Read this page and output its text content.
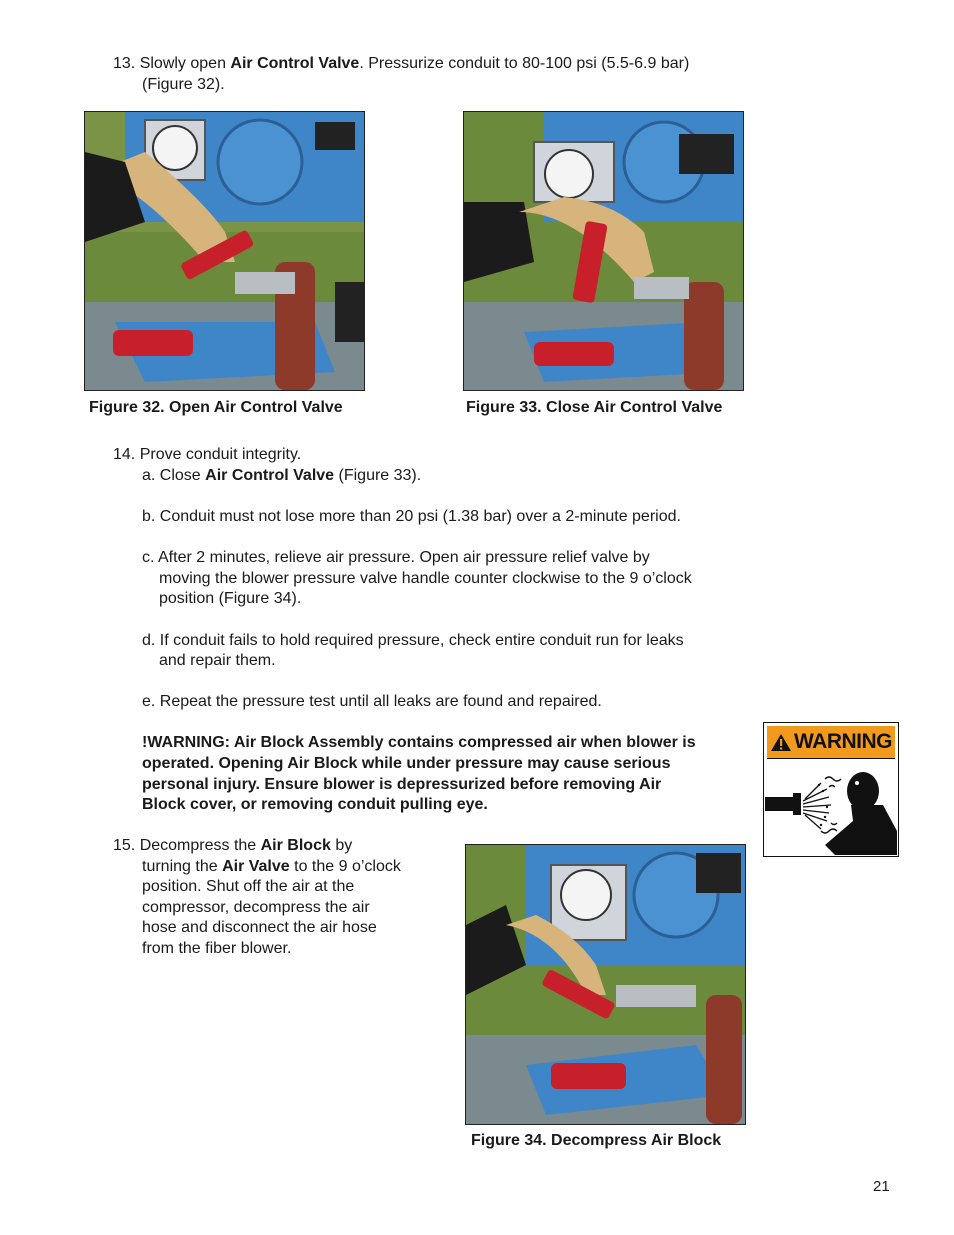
13. Slowly open Air Control Valve. Pressurize conduit to 80-100 psi (5.5-6.9 bar)
(Figure 32).
Figure 32. Open Air Control Valve	Figure 33. Close Air Control Valve
14. Prove conduit integrity.
a. Close Air Control Valve (Figure 33).
b. Conduit must not lose more than 20 psi (1.38 bar) over a 2-minute period.
c. After 2 minutes, relieve air pressure. Open air pressure relief valve by
moving the blower pressure valve handle counter clockwise to the 9 o’clock
position (Figure 34).
d. If conduit fails to hold required pressure, check entire conduit run for leaks
and repair them.
e. Repeat the pressure test until all leaks are found and repaired.
!WARNING: Air Block Assembly contains compressed air when blower is
operated. Opening Air Block while under pressure may cause serious
personal injury. Ensure blower is depressurized before removing Air
Block cover, or removing conduit pulling eye.
WARNING
15. Decompress the Air Block by
turning the Air Valve to the 9 o’clock
position. Shut off the air at the
compressor, decompress the air
hose and disconnect the air hose
from the fiber blower.
Figure 34. Decompress Air Block
21
